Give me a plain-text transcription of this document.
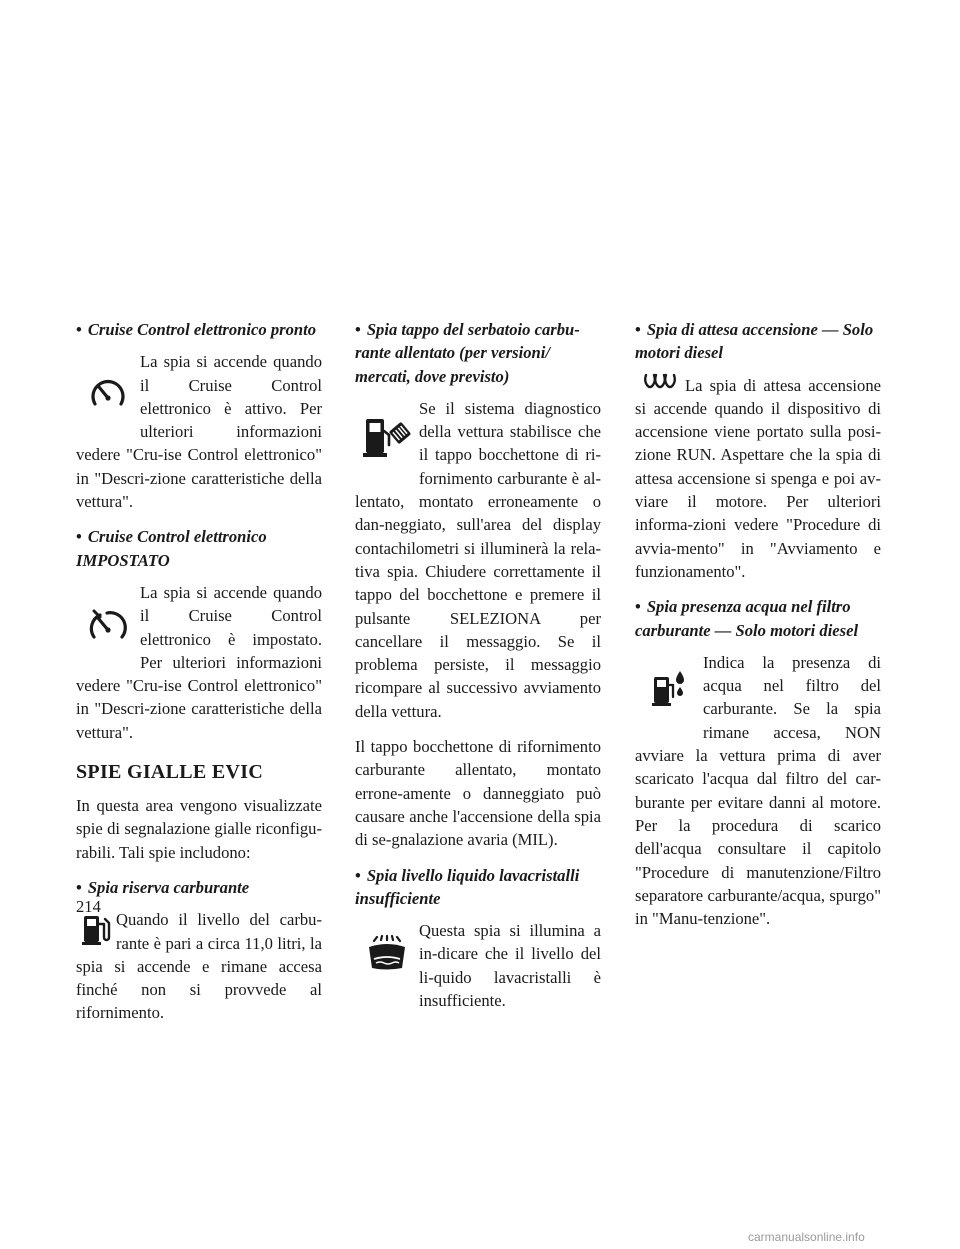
• Cruise Control elettronico pronto
La spia si accende quando il Cruise Control elettronico è attivo. Per ulteriori informazioni vedere "Cru-ise Control elettronico" in "Descri-zione caratteristiche della vettura".
• Cruise Control elettronico IMPOSTATO
La spia si accende quando il Cruise Control elettronico è impostato. Per ulteriori informazioni vedere "Cru-ise Control elettronico" in "Descri-zione caratteristiche della vettura".
SPIE GIALLE EVIC

In questa area vengono visualizzate spie di segnalazione gialle riconfigu-rabili. Tali spie includono:

• Spia riserva carburante
Quando il livello del carbu-rante è pari a circa 11,0 litri, la spia si accende e rimane accesa finché non si provvede al rifornimento.
• Spia tappo del serbatoio carbu-rante allentato (per versioni/ mercati, dove previsto)
Se il sistema diagnostico della vettura stabilisce che il tappo bocchettone di ri-fornimento carburante è al-lentato, montato erroneamente o dan-neggiato, sull'area del display contachilometri si illuminerà la rela-tiva spia. Chiudere correttamente il tappo del bocchettone e premere il pulsante SELEZIONA per cancellare il messaggio. Se il problema persiste, il messaggio ricompare al successivo avviamento della vettura.

Il tappo bocchettone di rifornimento carburante allentato, montato errone-amente o danneggiato può causare anche l'accensione della spia di se-gnalazione avaria (MIL).

• Spia livello liquido lavacristalli insufficiente
Questa spia si illumina a in-dicare che il livello del li-quido lavacristalli è insufficiente.
• Spia di attesa accensione — Solo motori diesel
La spia di attesa accensione si accende quando il dispositivo di accensione viene portato sulla posi-zione RUN. Aspettare che la spia di attesa accensione si spenga e poi av-viare il motore. Per ulteriori informa-zioni vedere "Procedure di avvia-mento" in "Avviamento e funzionamento".
• Spia presenza acqua nel filtro carburante — Solo motori diesel
Indica la presenza di acqua nel filtro del carburante. Se la spia rimane accesa, NON avviare la vettura prima di aver scaricato l'acqua dal filtro del car-burante per evitare danni al motore. Per la procedura di scarico dell'acqua consultare il capitolo "Procedure di manutenzione/Filtro separatore carburante/acqua, spurgo" in "Manu-tenzione".
214
carmanualsonline.info
